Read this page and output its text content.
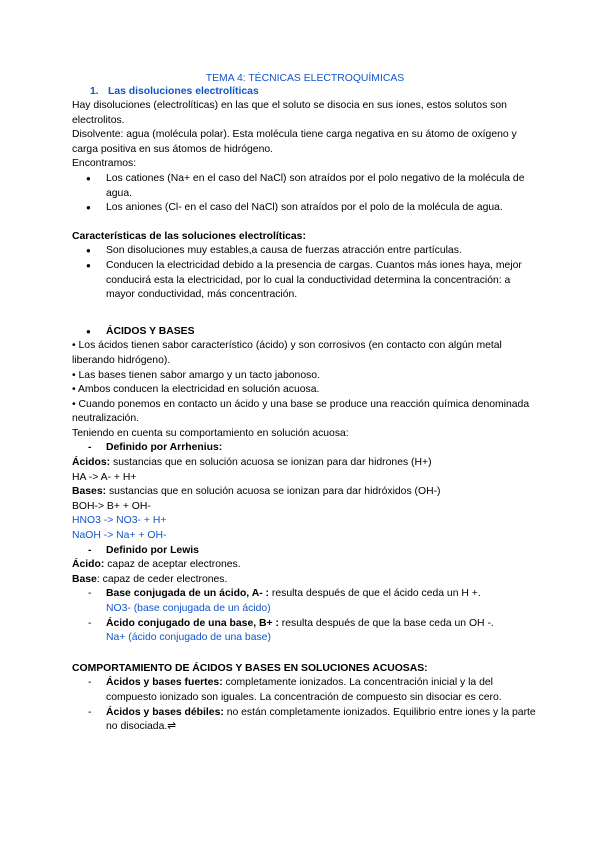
TEMA 4: TÉCNICAS ELECTROQUÍMICAS

1. Las disoluciones electrolíticas

Hay disoluciones (electrolíticas) en las que el soluto se disocia en sus iones, estos solutos son electrolitos.

Disolvente: agua (molécula polar). Esta molécula tiene carga negativa en su átomo de oxígeno y carga positiva en sus átomos de hidrógeno.

Encontramos:

● Los cationes (Na+ en el caso del NaCl) son atraídos por el polo negativo de la molécula de agua.
● Los aniones (Cl- en el caso del NaCl) son atraídos por el polo de la molécula de agua.

Características de las soluciones electrolíticas:

● Son disoluciones muy estables,a causa de fuerzas atracción entre partículas.
● Conducen la electricidad debido a la presencia de cargas. Cuantos más iones haya, mejor conducirá esta la electricidad, por lo cual la conductividad determina la concentración: a mayor conductividad, más concentración.
● ÁCIDOS Y BASES

• Los ácidos tienen sabor característico (ácido) y son corrosivos (en contacto con algún metal liberando hidrógeno).

• Las bases tienen sabor amargo y un tacto jabonoso.

• Ambos conducen la electricidad en solución acuosa.

• Cuando ponemos en contacto un ácido y una base se produce una reacción química denominada neutralización.

Teniendo en cuenta su comportamiento en solución acuosa:

- Definido por Arrhenius:

Ácidos: sustancias que en solución acuosa se ionizan para dar hidrones (H+)

HA -> A- + H+

Bases: sustancias que en solución acuosa se ionizan para dar hidróxidos (OH-)

BOH-> B+ + OH-

HNO3 -> NO3- + H+

NaOH -> Na+ + OH-

- Definido por Lewis

Ácido: capaz de aceptar electrones.

Base: capaz de ceder electrones.

- Base conjugada de un ácido, A- : resulta después de que el ácido ceda un H +.
NO3- (base conjugada de un ácido)
- Ácido conjugado de una base, B+ : resulta después de que la base ceda un OH -.
Na+ (ácido conjugado de una base)

COMPORTAMIENTO DE ÁCIDOS Y BASES EN SOLUCIONES ACUOSAS:

- Ácidos y bases fuertes: completamente ionizados. La concentración inicial y la del compuesto ionizado son iguales. La concentración de compuesto sin disociar es cero.
- Ácidos y bases débiles: no están completamente ionizados. Equilibrio entre iones y la parte no disociada.⇌
